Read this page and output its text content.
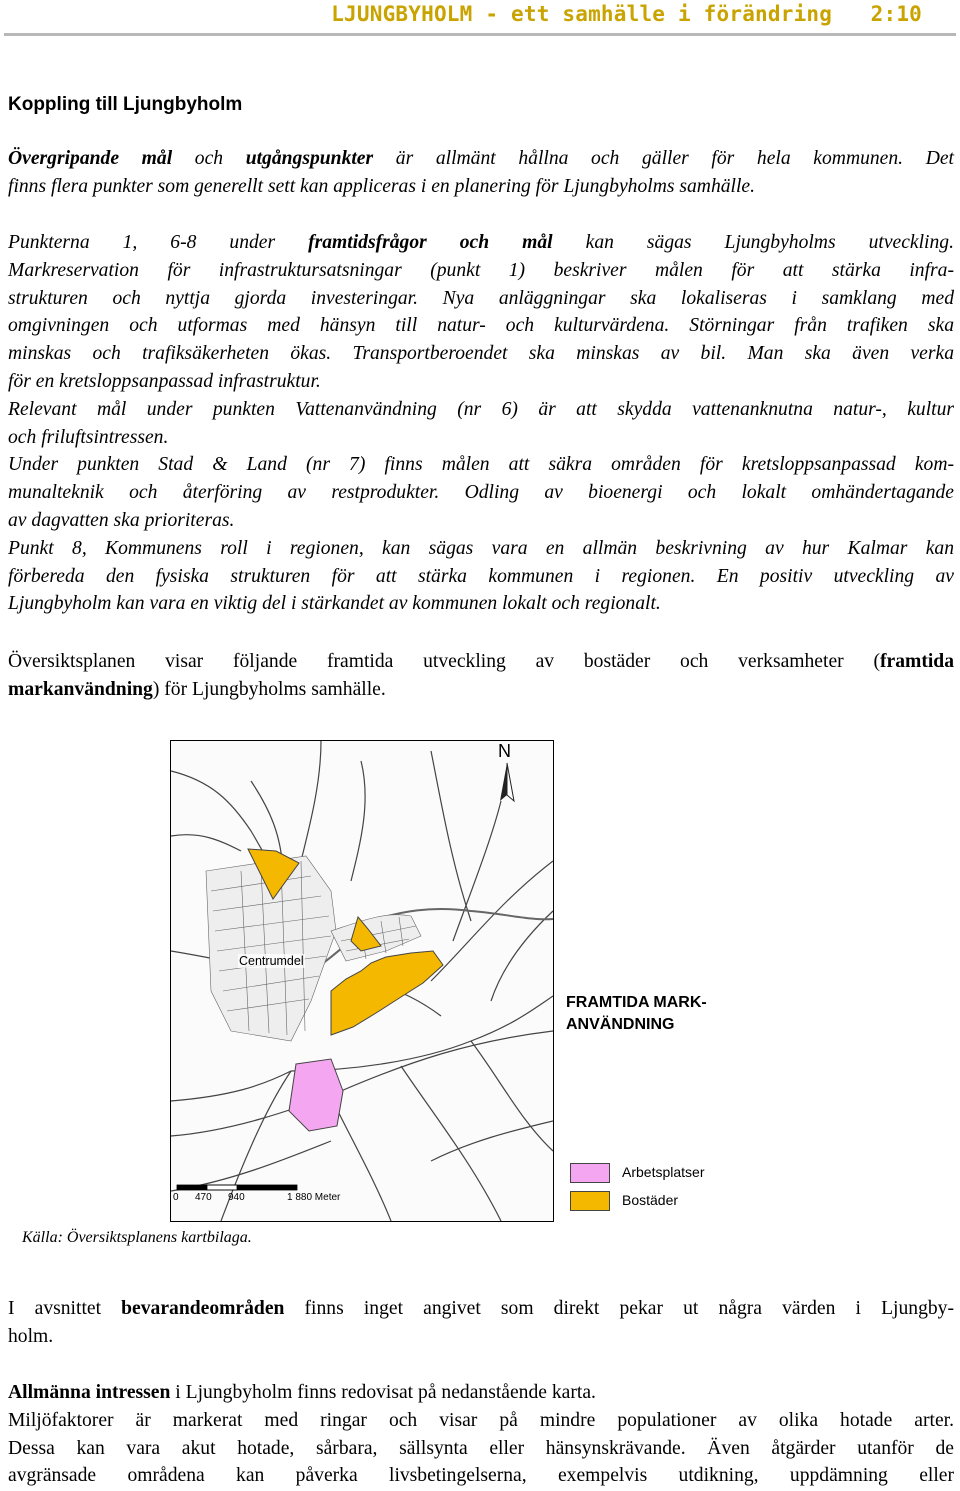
LJUNGBYHOLM - ett samhälle i förändring   2:10
Koppling till Ljungbyholm
Övergripande mål och utgångspunkter är allmänt hållna och gäller för hela kommunen. Det
finns flera punkter som generellt sett kan appliceras i en planering för Ljungbyholms samhälle.
Punkterna 1, 6-8 under framtidsfrågor och mål kan sägas Ljungbyholms utveckling.
Markreservation för infrastruktursatsningar (punkt 1) beskriver målen för att stärka infra-
strukturen och nyttja gjorda investeringar. Nya anläggningar ska lokaliseras i samklang med
omgivningen och utformas med hänsyn till natur- och kulturvärdena. Störningar från trafiken ska
minskas och trafiksäkerheten ökas. Transportberoendet ska minskas av bil. Man ska även verka
för en kretsloppsanpassad infrastruktur.
Relevant mål under punkten Vattenanvändning (nr 6) är att skydda vattenanknutna natur-, kultur
och friluftsintressen.
Under punkten Stad & Land (nr 7) finns målen att säkra områden för kretsloppsanpassad kom-
munalteknik och återföring av restprodukter. Odling av bioenergi och lokalt omhändertagande
av dagvatten ska prioriteras.
Punkt 8, Kommunens roll i regionen, kan sägas vara en allmän beskrivning av hur Kalmar kan
förbereda den fysiska strukturen för att stärka kommunen i regionen. En positiv utveckling av
Ljungbyholm kan vara en viktig del i stärkandet av kommunen lokalt och regionalt.
Översiktsplanen visar följande framtida utveckling av bostäder och verksamheter (framtida
markanvändning) för Ljungbyholms samhälle.
N
Centrumdel
0 470 940	1 880 Meter
FRAMTIDA MARK-
ANVÄNDNING
Arbetsplatser
Bostäder
Källa: Översiktsplanens kartbilaga.
I avsnittet bevarandeområden finns inget angivet som direkt pekar ut några värden i Ljungby-
holm.
Allmänna intressen i Ljungbyholm finns redovisat på nedanstående karta.
Miljöfaktorer är markerat med ringar och visar på mindre populationer av olika hotade arter.
Dessa kan vara akut hotade, sårbara, sällsynta eller hänsynskrävande. Även åtgärder utanför de
avgränsade områdena kan påverka livsbetingelserna, exempelvis utdikning, uppdämning eller
